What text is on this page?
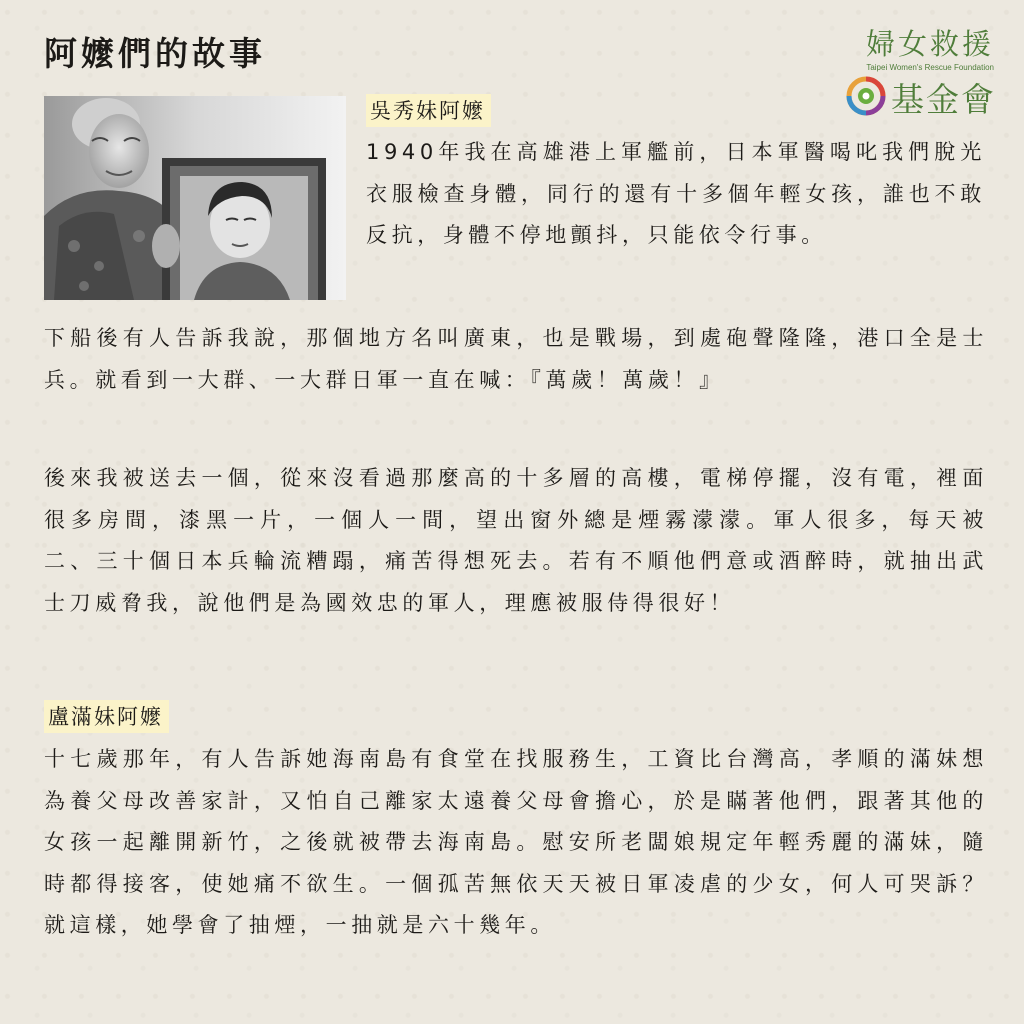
阿嬤們的故事	婦女救援
Taipei Women's Rescue Foundation
基金會
吳秀妹阿嬤

1940年我在高雄港上軍艦前，日本軍醫喝叱我們脫光衣服檢查身體，同行的還有十多個年輕女孩，誰也不敢反抗，身體不停地顫抖，只能依令行事。

下船後有人告訴我說，那個地方名叫廣東，也是戰場，到處砲聲隆隆，港口全是士兵。就看到一大群、一大群日軍一直在喊：『萬歲！萬歲！』

後來我被送去一個，從來沒看過那麼高的十多層的高樓，電梯停擺，沒有電，裡面很多房間，漆黑一片，一個人一間，望出窗外總是煙霧濛濛。軍人很多，每天被二、三十個日本兵輪流糟蹋，痛苦得想死去。若有不順他們意或酒醉時，就抽出武士刀威脅我，說他們是為國效忠的軍人，理應被服侍得很好！

盧滿妹阿嬤

十七歲那年，有人告訴她海南島有食堂在找服務生，工資比台灣高，孝順的滿妹想為養父母改善家計，又怕自己離家太遠養父母會擔心，於是瞞著他們，跟著其他的女孩一起離開新竹，之後就被帶去海南島。慰安所老闆娘規定年輕秀麗的滿妹，隨時都得接客，使她痛不欲生。一個孤苦無依天天被日軍凌虐的少女，何人可哭訴？就這樣，她學會了抽煙，一抽就是六十幾年。
